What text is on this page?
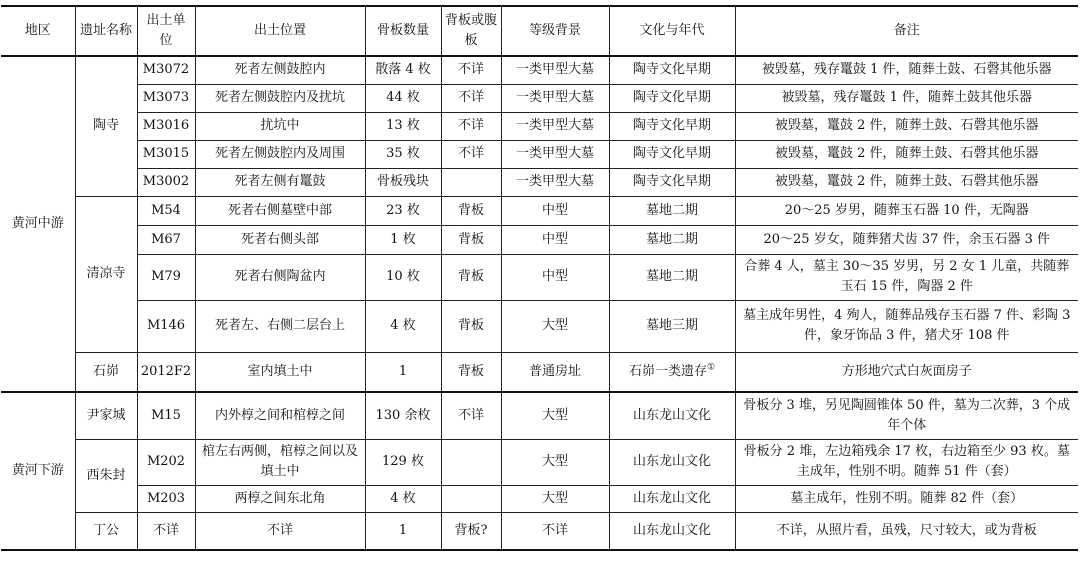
地区	遗址名称	出土单位	出土位置	骨板数量	背板或腹板	等级背景	文化与年代	备注
黄河中游	陶寺	M3072	死者左侧鼓腔内	散落 4 枚	不详	一类甲型大墓	陶寺文化早期	被毁墓，残存鼍鼓 1 件，随葬土鼓、石磬其他乐器
		M3073	死者左侧鼓腔内及扰坑	44 枚	不详	一类甲型大墓	陶寺文化早期	被毁墓，残存鼍鼓 1 件，随葬土鼓其他乐器
		M3016	扰坑中	13 枚	不详	一类甲型大墓	陶寺文化早期	被毁墓，鼍鼓 2 件，随葬土鼓、石磬其他乐器
		M3015	死者左侧鼓腔内及周围	35 枚	不详	一类甲型大墓	陶寺文化早期	被毁墓，鼍鼓 2 件，随葬土鼓、石磬其他乐器
		M3002	死者左侧有鼍鼓	骨板残块		一类甲型大墓	陶寺文化早期	被毁墓，鼍鼓 2 件，随葬土鼓、石磬其他乐器
	清凉寺	M54	死者右侧墓壁中部	23 枚	背板	中型	墓地二期	20～25 岁男，随葬玉石器 10 件，无陶器
		M67	死者右侧头部	1 枚	背板	中型	墓地二期	20～25 岁女，随葬猪犬齿 37 件，余玉石器 3 件
		M79	死者右侧陶盆内	10 枚	背板	中型	墓地二期	合葬 4 人，墓主 30～35 岁男，另 2 女 1 儿童，共随葬玉石 15 件，陶器 2 件
		M146	死者左、右侧二层台上	4 枚	背板	大型	墓地三期	墓主成年男性，4 殉人，随葬品残存玉石器 7 件、彩陶 3 件，象牙饰品 3 件，猪犬牙 108 件
	石峁	2012F2	室内填土中	1	背板	普通房址	石峁一类遗存①	方形地穴式白灰面房子
黄河下游	尹家城	M15	内外椁之间和棺椁之间	130 余枚	不详	大型	山东龙山文化	骨板分 3 堆，另见陶圆锥体 50 件，墓为二次葬，3 个成年个体
	西朱封	M202	棺左右两侧，棺椁之间以及填土中	129 枚		大型	山东龙山文化	骨板分 2 堆，左边箱残余 17 枚，右边箱至少 93 枚。墓主成年，性别不明。随葬 51 件（套）
		M203	两椁之间东北角	4 枚		大型	山东龙山文化	墓主成年，性别不明。随葬 82 件（套）
	丁公	不详	不详	1	背板?	不详	山东龙山文化	不详，从照片看，虽残，尺寸较大，或为背板
